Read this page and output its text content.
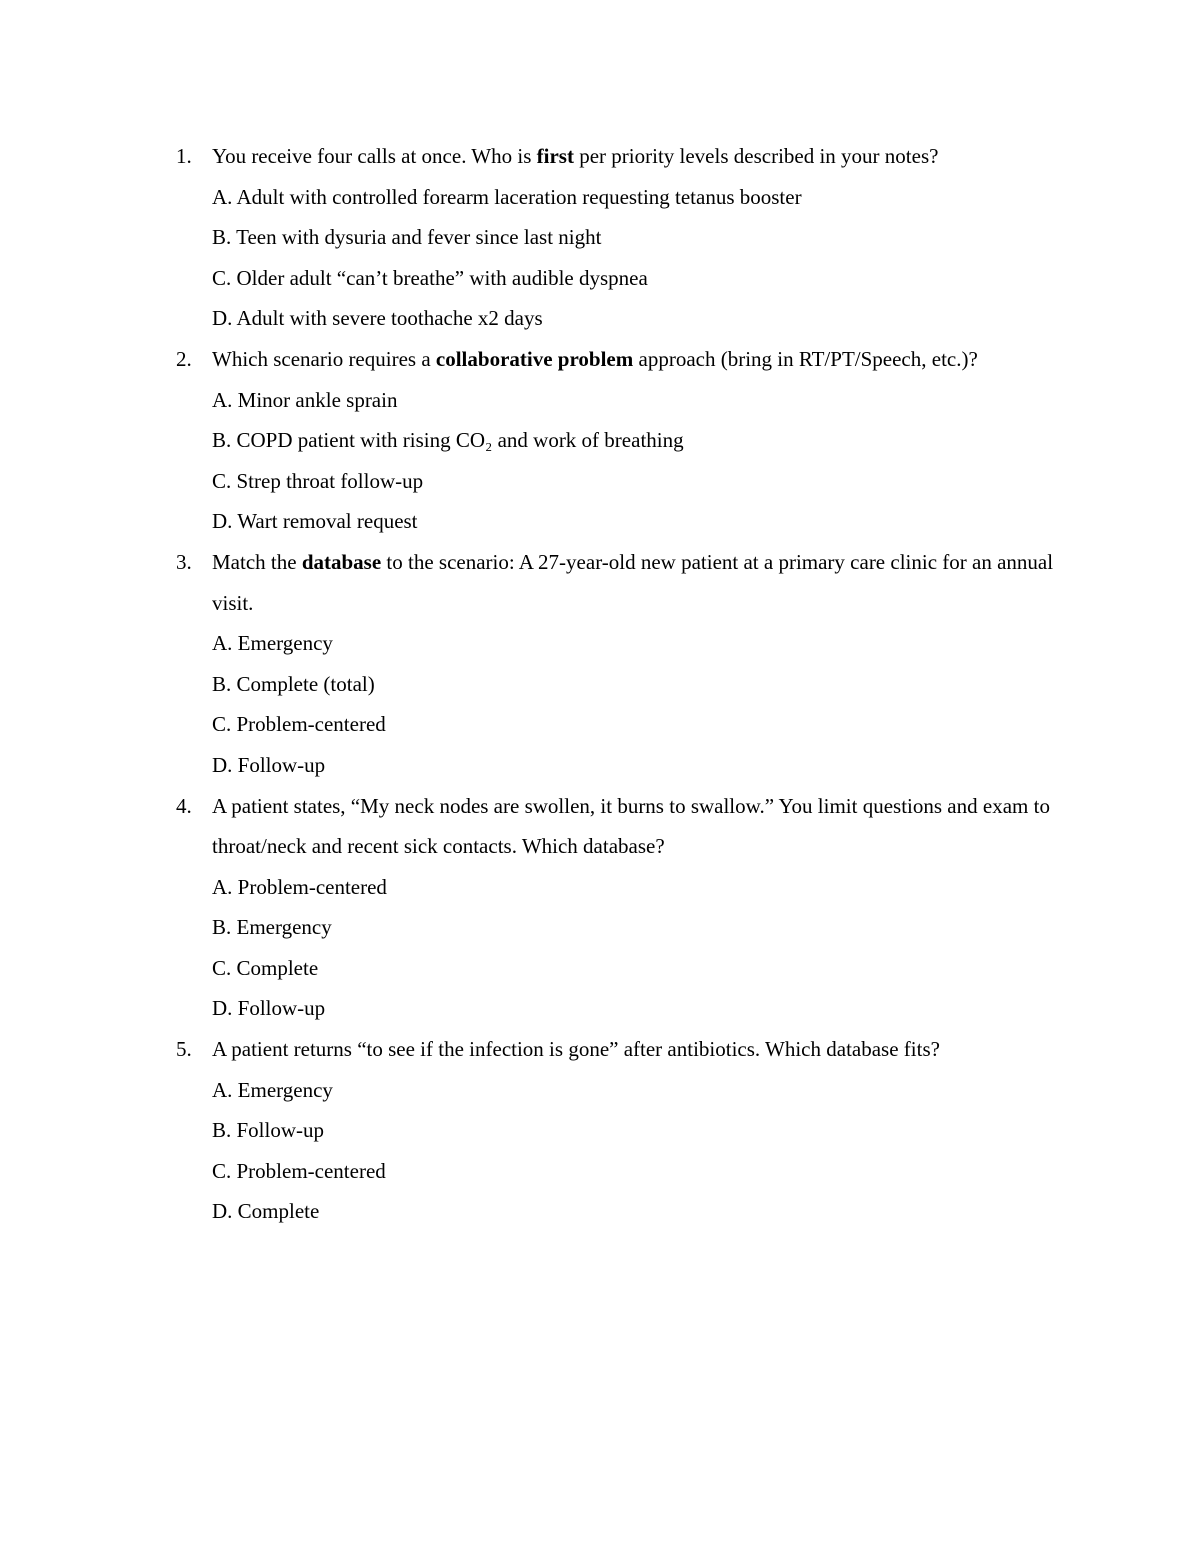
1. You receive four calls at once. Who is first per priority levels described in your notes?
A. Adult with controlled forearm laceration requesting tetanus booster
B. Teen with dysuria and fever since last night
C. Older adult “can’t breathe” with audible dyspnea
D. Adult with severe toothache x2 days
2. Which scenario requires a collaborative problem approach (bring in RT/PT/Speech, etc.)?
A. Minor ankle sprain
B. COPD patient with rising CO₂ and work of breathing
C. Strep throat follow-up
D. Wart removal request
3. Match the database to the scenario: A 27-year-old new patient at a primary care clinic for an annual visit.
A. Emergency
B. Complete (total)
C. Problem-centered
D. Follow-up
4. A patient states, “My neck nodes are swollen, it burns to swallow.” You limit questions and exam to throat/neck and recent sick contacts. Which database?
A. Problem-centered
B. Emergency
C. Complete
D. Follow-up
5. A patient returns “to see if the infection is gone” after antibiotics. Which database fits?
A. Emergency
B. Follow-up
C. Problem-centered
D. Complete
